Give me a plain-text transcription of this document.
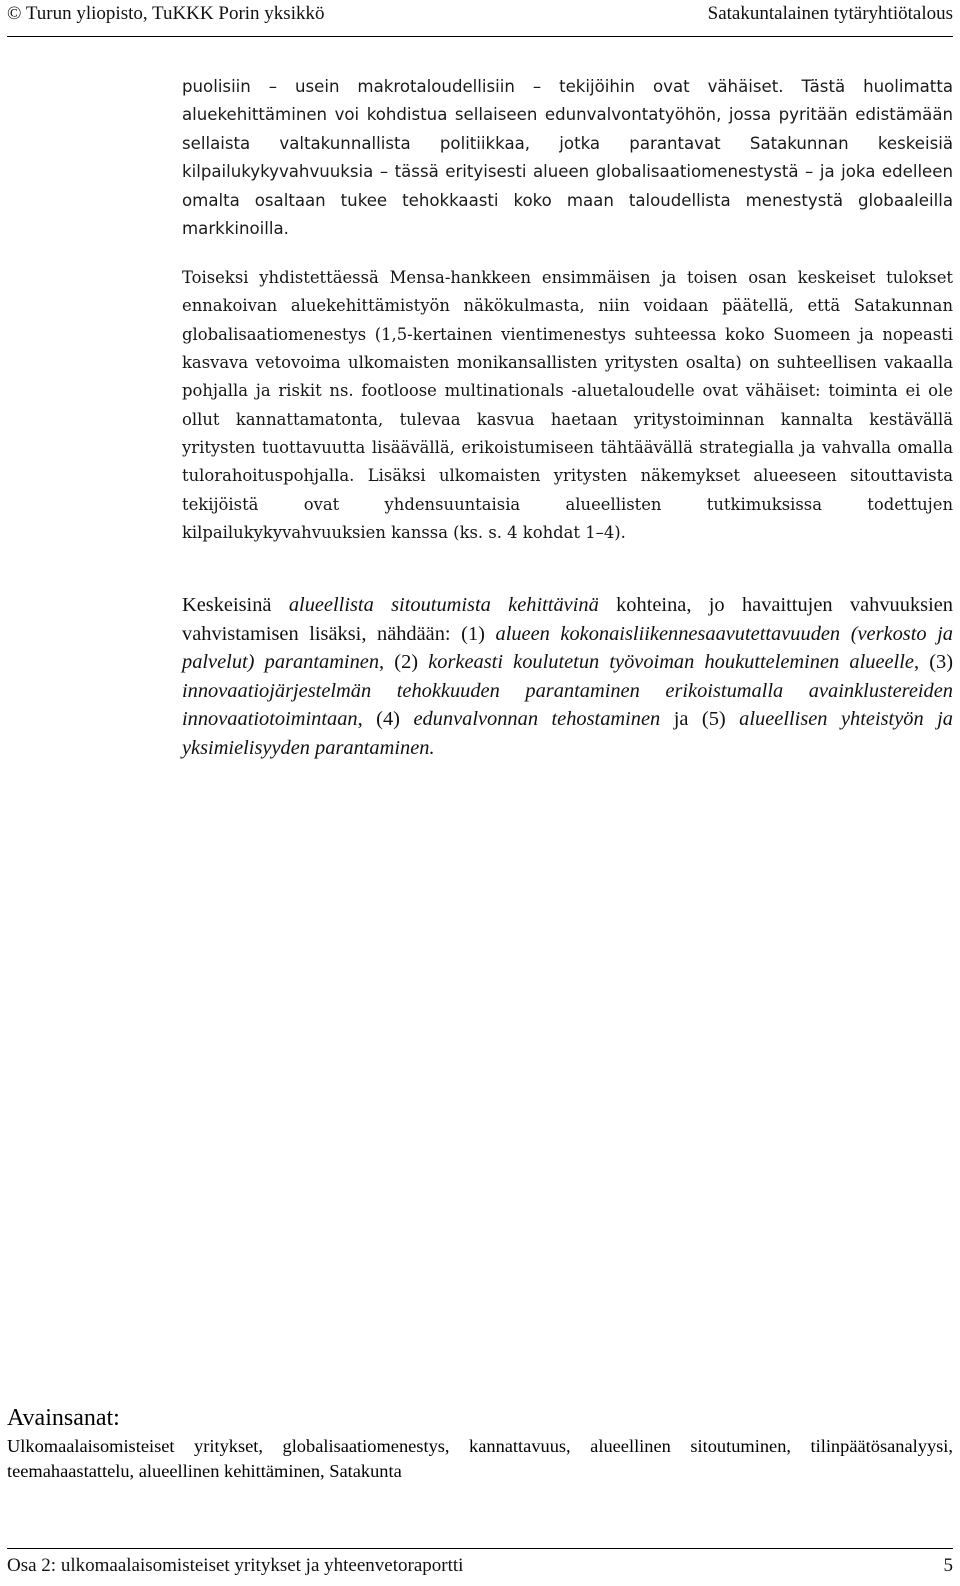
© Turun yliopisto, TuKKK Porin yksikkö	Satakuntalainen tytäryhtiötalous

puolisiin – usein makrotaloudellisiin – tekijöihin ovat vähäiset. Tästä huolimatta aluekehittäminen voi kohdistua sellaiseen edunvalvontatyöhön, jossa pyritään edistämään sellaista valtakunnallista politiikkaa, jotka parantavat Satakunnan keskeisiä kilpailukykyvahvuuksia – tässä erityisesti alueen globalisaatiomenestystä – ja joka edelleen omalta osaltaan tukee tehokkaasti koko maan taloudellista menestystä globaaleilla markkinoilla.

Toiseksi yhdistettäessä Mensa-hankkeen ensimmäisen ja toisen osan keskeiset tulokset ennakoivan aluekehittämistyön näkökulmasta, niin voidaan päätellä, että Satakunnan globalisaatiomenestys (1,5-kertainen vientimenestys suhteessa koko Suomeen ja nopeasti kasvava vetovoima ulkomaisten monikansallisten yritysten osalta) on suhteellisen vakaalla pohjalla ja riskit ns. footloose multinationals -aluetaloudelle ovat vähäiset: toiminta ei ole ollut kannattamatonta, tulevaa kasvua haetaan yritystoiminnan kannalta kestävällä yritysten tuottavuutta lisäävällä, erikoistumiseen tähtäävällä strategialla ja vahvalla omalla tulorahoituspohjalla. Lisäksi ulkomaisten yritysten näkemykset alueeseen sitouttavista tekijöistä ovat yhdensuuntaisia alueellisten tutkimuksissa todettujen kilpailukykyvahvuuksien kanssa (ks. s. 4 kohdat 1–4).

Keskeisinä alueellista sitoutumista kehittävinä kohteina, jo havaittujen vahvuuksien vahvistamisen lisäksi, nähdään: (1) alueen kokonaisliikennesaavutettavuuden (verkosto ja palvelut) parantaminen, (2) korkeasti koulutetun työvoiman houkutteleminen alueelle, (3) innovaatiojärjestelmän tehokkuuden parantaminen erikoistumalla avainklustereiden innovaatiotoimintaan, (4) edunvalvonnan tehostaminen ja (5) alueellisen yhteistyön ja yksimielisyyden parantaminen.

Avainsanat:
Ulkomaalaisomisteiset yritykset, globalisaatiomenestys, kannattavuus, alueellinen sitoutuminen, tilinpäätösanalyysi, teemahaastattelu, alueellinen kehittäminen, Satakunta
Osa 2: ulkomaalaisomisteiset yritykset ja yhteenvetoraportti	5
